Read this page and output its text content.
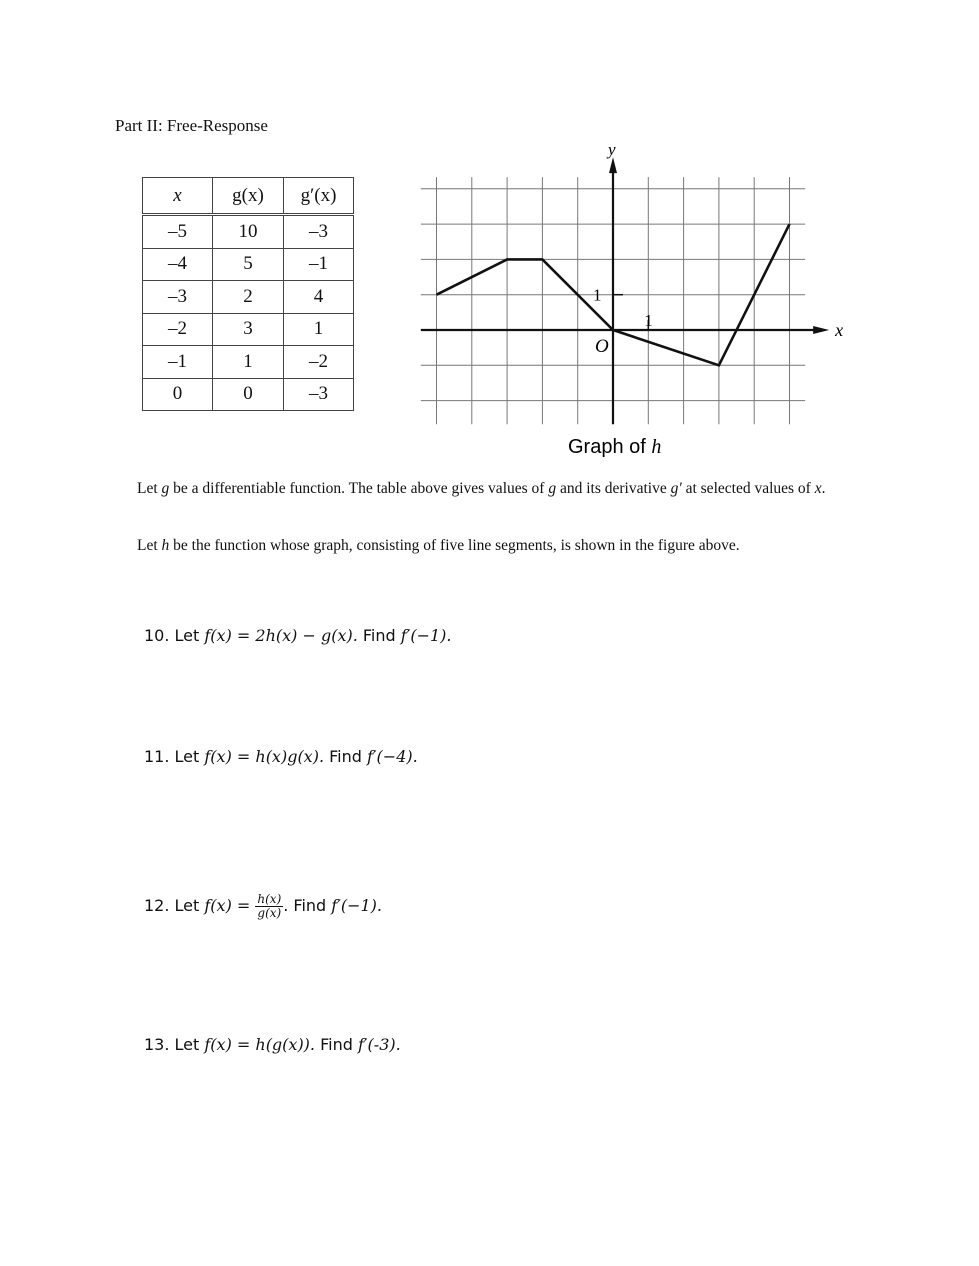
Part II: Free-Response
x	g(x)	g′(x)
–5	10	–3
–4	5	–1
–3	2	4
–2	3	1
–1	1	–2
0	0	–3
y
x
O
1
1
Graph of h
Let g be a differentiable function. The table above gives values of g and its derivative g′ at selected values of x.
Let h be the function whose graph, consisting of five line segments, is shown in the figure above.
10. Let f(x) = 2h(x) − g(x). Find f′(−1).
11. Let f(x) = h(x)g(x). Find f′(−4).
12. Let $f(x) = \frac{h(x)}{g(x)}$ . Find f′(−1).
13. Let f(x) = h(g(x)). Find f′(-3).
